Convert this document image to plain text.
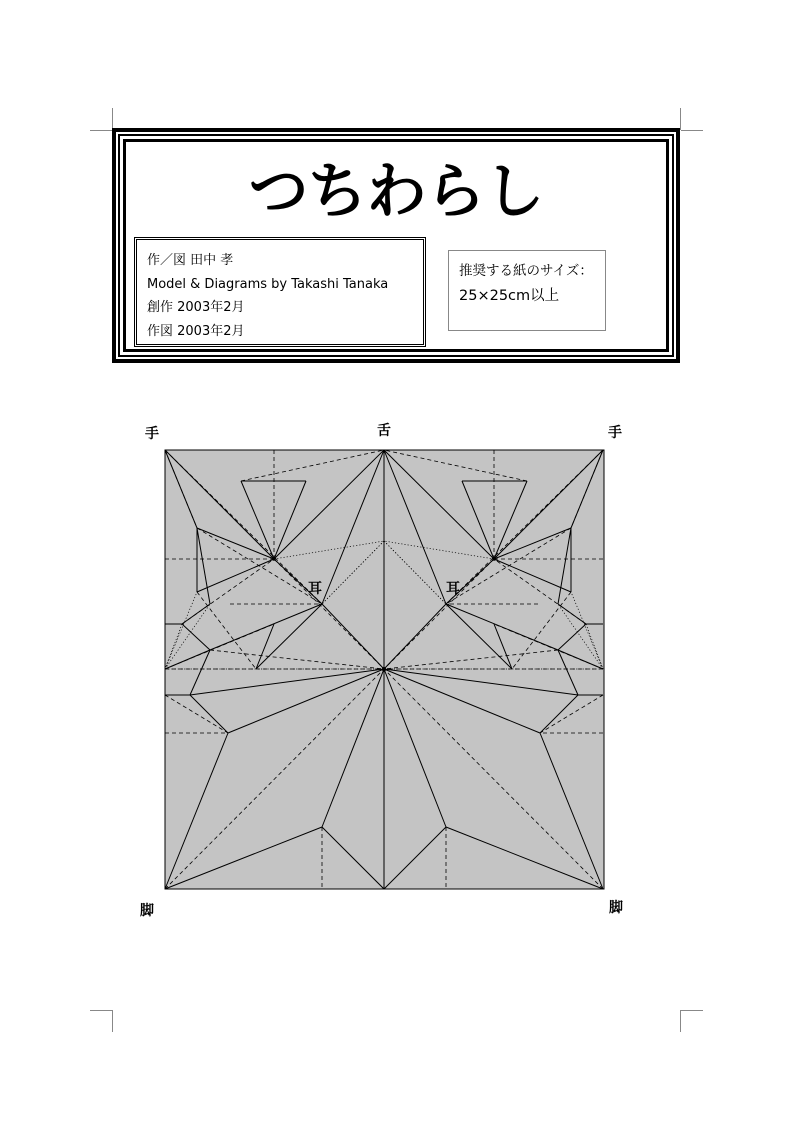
つちわらし
作／図 田中 孝
Model & Diagrams by Takashi Tanaka
創作 2003年2月
作図 2003年2月
推奨する紙のサイズ：
25×25cm以上
手	舌	手
耳	耳
脚	脚
